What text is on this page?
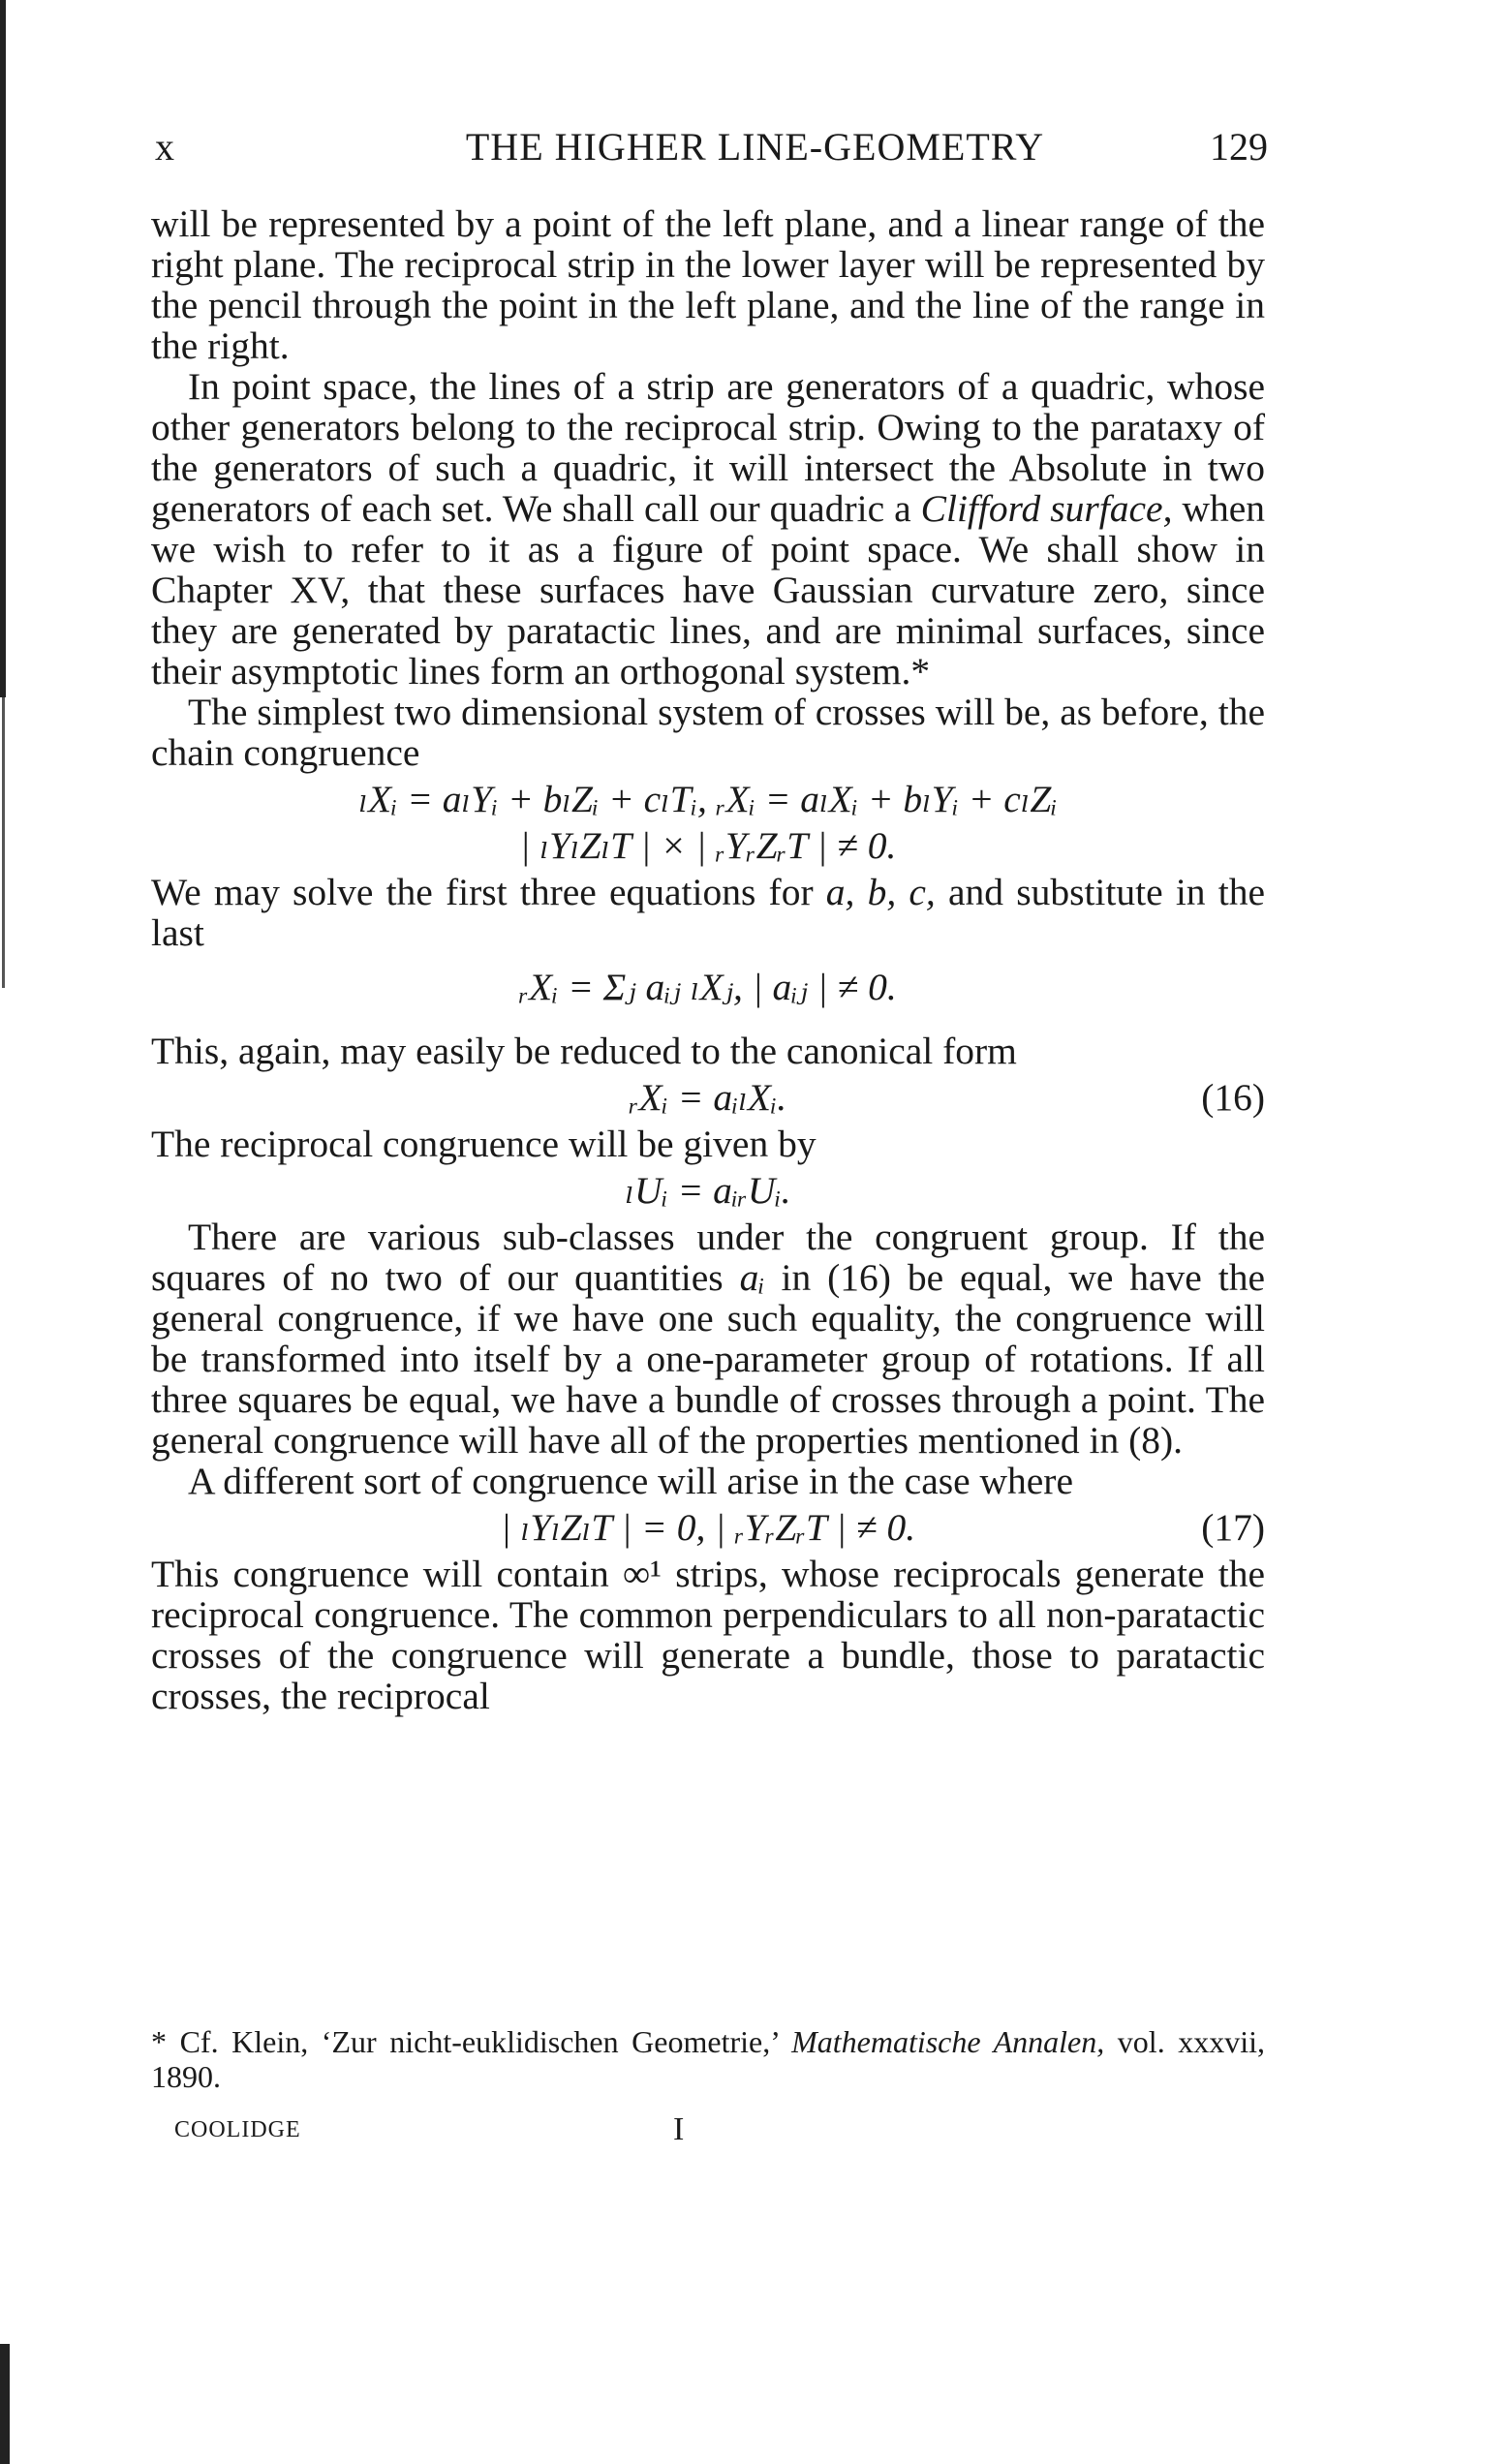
x	THE HIGHER LINE-GEOMETRY	129

will be represented by a point of the left plane, and a linear range of the right plane. The reciprocal strip in the lower layer will be represented by the pencil through the point in the left plane, and the line of the range in the right.

In point space, the lines of a strip are generators of a quadric, whose other generators belong to the reciprocal strip. Owing to the parataxy of the generators of such a quadric, it will intersect the Absolute in two generators of each set. We shall call our quadric a Clifford surface, when we wish to refer to it as a figure of point space. We shall show in Chapter XV, that these surfaces have Gaussian curvature zero, since they are generated by paratactic lines, and are minimal surfaces, since their asymptotic lines form an orthogonal system.*

The simplest two dimensional system of crosses will be, as before, the chain congruence

ₗXᵢ = aₗYᵢ + bₗZᵢ + cₗTᵢ, ᵣXᵢ = aₗXᵢ + bₗYᵢ + cₗZᵢ
| ₗYₗZₗT | × | ᵣYᵣZᵣT | ≠ 0.

We may solve the first three equations for a, b, c, and substitute in the last

ᵣXᵢ = Σⱼ aᵢⱼ ₗXⱼ, | aᵢⱼ | ≠ 0.

This, again, may easily be reduced to the canonical form

ᵣXᵢ = aᵢₗXᵢ.	(16)

The reciprocal congruence will be given by

ₗUᵢ = aᵢᵣUᵢ.

There are various sub-classes under the congruent group. If the squares of no two of our quantities aᵢ in (16) be equal, we have the general congruence, if we have one such equality, the congruence will be transformed into itself by a one-parameter group of rotations. If all three squares be equal, we have a bundle of crosses through a point. The general congruence will have all of the properties mentioned in (8).

A different sort of congruence will arise in the case where

| ₗYₗZₗT | = 0, | ᵣYᵣZᵣT | ≠ 0.	(17)

This congruence will contain ∞¹ strips, whose reciprocals generate the reciprocal congruence. The common perpendiculars to all non-paratactic crosses of the congruence will generate a bundle, those to paratactic crosses, the reciprocal

* Cf. Klein, ‘Zur nicht-euklidischen Geometrie,’ Mathematische Annalen, vol. xxxvii, 1890.
COOLIDGE	I
